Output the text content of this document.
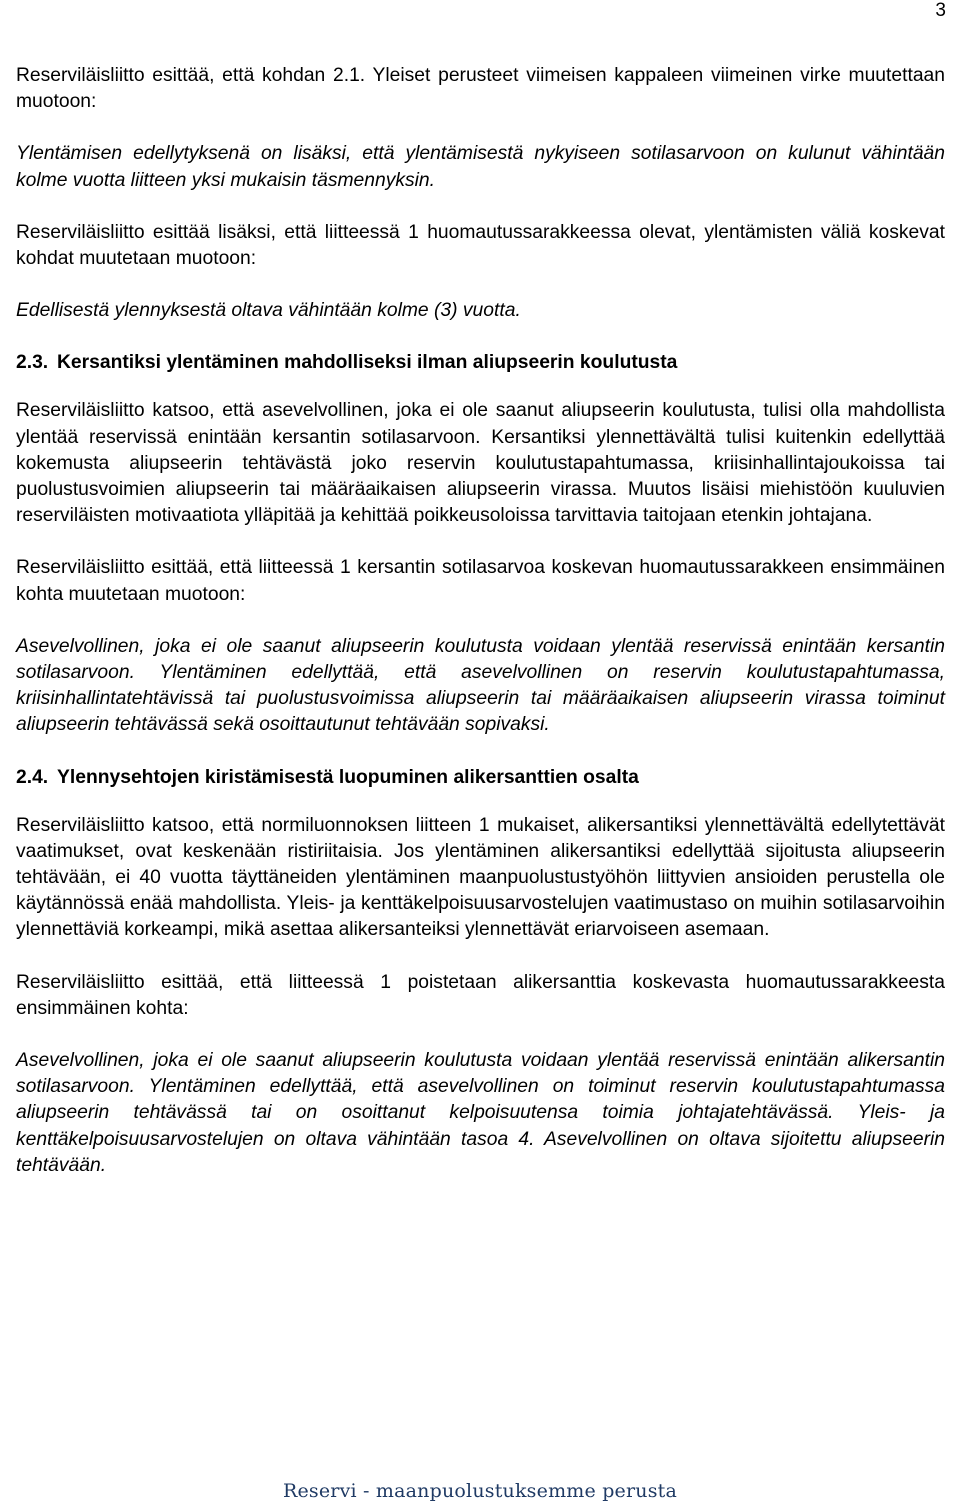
3

Reserviläisliitto esittää, että kohdan 2.1. Yleiset perusteet viimeisen kappaleen viimeinen virke muutettaan muotoon:

Ylentämisen edellytyksenä on lisäksi, että ylentämisestä nykyiseen sotilasarvoon on kulunut vähintään kolme vuotta liitteen yksi mukaisin täsmennyksin.

Reserviläisliitto esittää lisäksi, että liitteessä 1 huomautussarakkeessa olevat, ylentämisten väliä koskevat kohdat muutetaan muotoon:

Edellisestä ylennyksestä oltava vähintään kolme (3) vuotta.

2.3. Kersantiksi ylentäminen mahdolliseksi ilman aliupseerin koulutusta

Reserviläisliitto katsoo, että asevelvollinen, joka ei ole saanut aliupseerin koulutusta, tulisi olla mahdollista ylentää reservissä enintään kersantin sotilasarvoon. Kersantiksi ylennettävältä tulisi kuitenkin edellyttää kokemusta aliupseerin tehtävästä joko reservin koulutustapahtumassa, kriisinhallintajoukoissa tai puolustusvoimien aliupseerin tai määräaikaisen aliupseerin virassa. Muutos lisäisi miehistöön kuuluvien reserviläisten motivaatiota ylläpitää ja kehittää poikkeusoloissa tarvittavia taitojaan etenkin johtajana.

Reserviläisliitto esittää, että liitteessä 1 kersantin sotilasarvoa koskevan huomautussarakkeen ensimmäinen kohta muutetaan muotoon:

Asevelvollinen, joka ei ole saanut aliupseerin koulutusta voidaan ylentää reservissä enintään kersantin sotilasarvoon. Ylentäminen edellyttää, että asevelvollinen on reservin koulutustapahtumassa, kriisinhallintatehtävissä tai puolustusvoimissa aliupseerin tai määräaikaisen aliupseerin virassa toiminut aliupseerin tehtävässä sekä osoittautunut tehtävään sopivaksi.

2.4. Ylennysehtojen kiristämisestä luopuminen alikersanttien osalta

Reserviläisliitto katsoo, että normiluonnoksen liitteen 1 mukaiset, alikersantiksi ylennettävältä edellytettävät vaatimukset, ovat keskenään ristiriitaisia. Jos ylentäminen alikersantiksi edellyttää sijoitusta aliupseerin tehtävään, ei 40 vuotta täyttäneiden ylentäminen maanpuolustustyöhön liittyvien ansioiden perustella ole käytännössä enää mahdollista. Yleis- ja kenttäkelpoisuusarvostelujen vaatimustaso on muihin sotilasarvoihin ylennettäviä korkeampi, mikä asettaa alikersanteiksi ylennettävät eriarvoiseen asemaan.

Reserviläisliitto esittää, että liitteessä 1 poistetaan alikersanttia koskevasta huomautussarakkeesta ensimmäinen kohta:

Asevelvollinen, joka ei ole saanut aliupseerin koulutusta voidaan ylentää reservissä enintään alikersantin sotilasarvoon. Ylentäminen edellyttää, että asevelvollinen on toiminut reservin koulutustapahtumassa aliupseerin tehtävässä tai on osoittanut kelpoisuutensa toimia johtajatehtävässä. Yleis- ja kenttäkelpoisuusarvostelujen on oltava vähintään tasoa 4. Asevelvollinen on oltava sijoitettu aliupseerin tehtävään.

Reservi - maanpuolustuksemme perusta
